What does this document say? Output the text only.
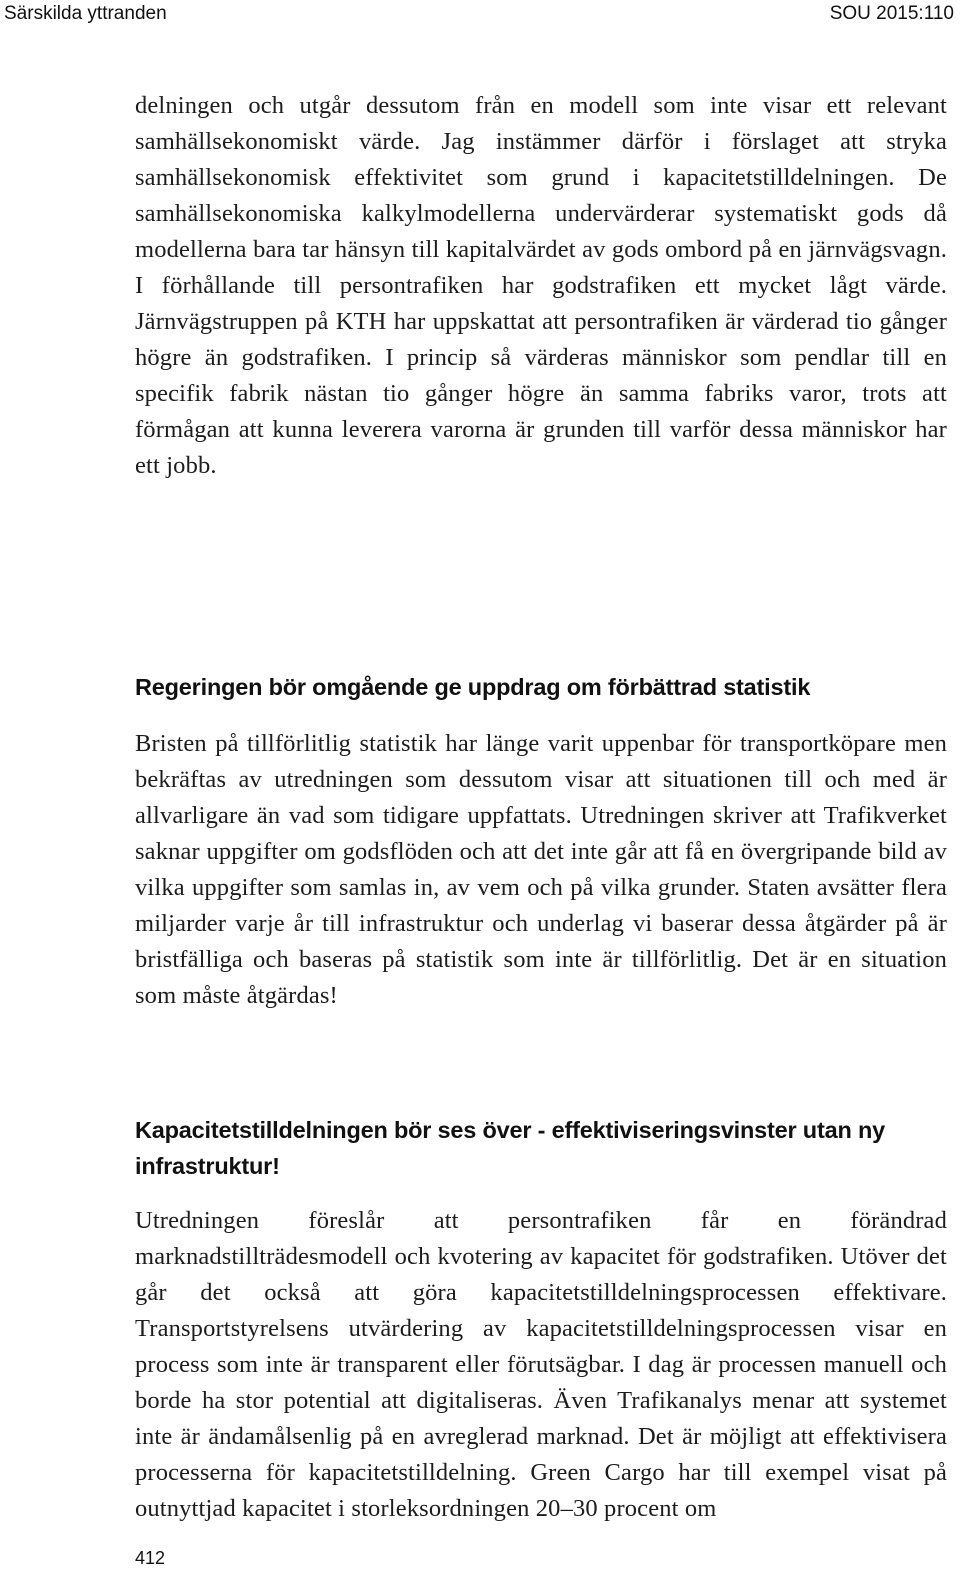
Särskilda yttranden	SOU 2015:110

delningen och utgår dessutom från en modell som inte visar ett relevant samhällsekonomiskt värde. Jag instämmer därför i förslaget att stryka samhällsekonomisk effektivitet som grund i kapacitetstilldelningen. De samhällsekonomiska kalkylmodellerna undervärderar systematiskt gods då modellerna bara tar hänsyn till kapitalvärdet av gods ombord på en järnvägsvagn. I förhållande till persontrafiken har godstrafiken ett mycket lågt värde. Järnvägstruppen på KTH har uppskattat att persontrafiken är värderad tio gånger högre än godstrafiken. I princip så värderas människor som pendlar till en specifik fabrik nästan tio gånger högre än samma fabriks varor, trots att förmågan att kunna leverera varorna är grunden till varför dessa människor har ett jobb.

Regeringen bör omgående ge uppdrag om förbättrad statistik

Bristen på tillförlitlig statistik har länge varit uppenbar för transportköpare men bekräftas av utredningen som dessutom visar att situationen till och med är allvarligare än vad som tidigare uppfattats. Utredningen skriver att Trafikverket saknar uppgifter om godsflöden och att det inte går att få en övergripande bild av vilka uppgifter som samlas in, av vem och på vilka grunder. Staten avsätter flera miljarder varje år till infrastruktur och underlag vi baserar dessa åtgärder på är bristfälliga och baseras på statistik som inte är tillförlitlig. Det är en situation som måste åtgärdas!

Kapacitetstilldelningen bör ses över - effektiviseringsvinster utan ny infrastruktur!

Utredningen föreslår att persontrafiken får en förändrad marknadstillträdesmodell och kvotering av kapacitet för godstrafiken. Utöver det går det också att göra kapacitetstilldelningsprocessen effektivare. Transportstyrelsens utvärdering av kapacitetstilldelningsprocessen visar en process som inte är transparent eller förutsägbar. I dag är processen manuell och borde ha stor potential att digitaliseras. Även Trafikanalys menar att systemet inte är ändamålsenlig på en avreglerad marknad. Det är möjligt att effektivisera processerna för kapacitetstilldelning. Green Cargo har till exempel visat på outnyttjad kapacitet i storleksordningen 20–30 procent om

412
